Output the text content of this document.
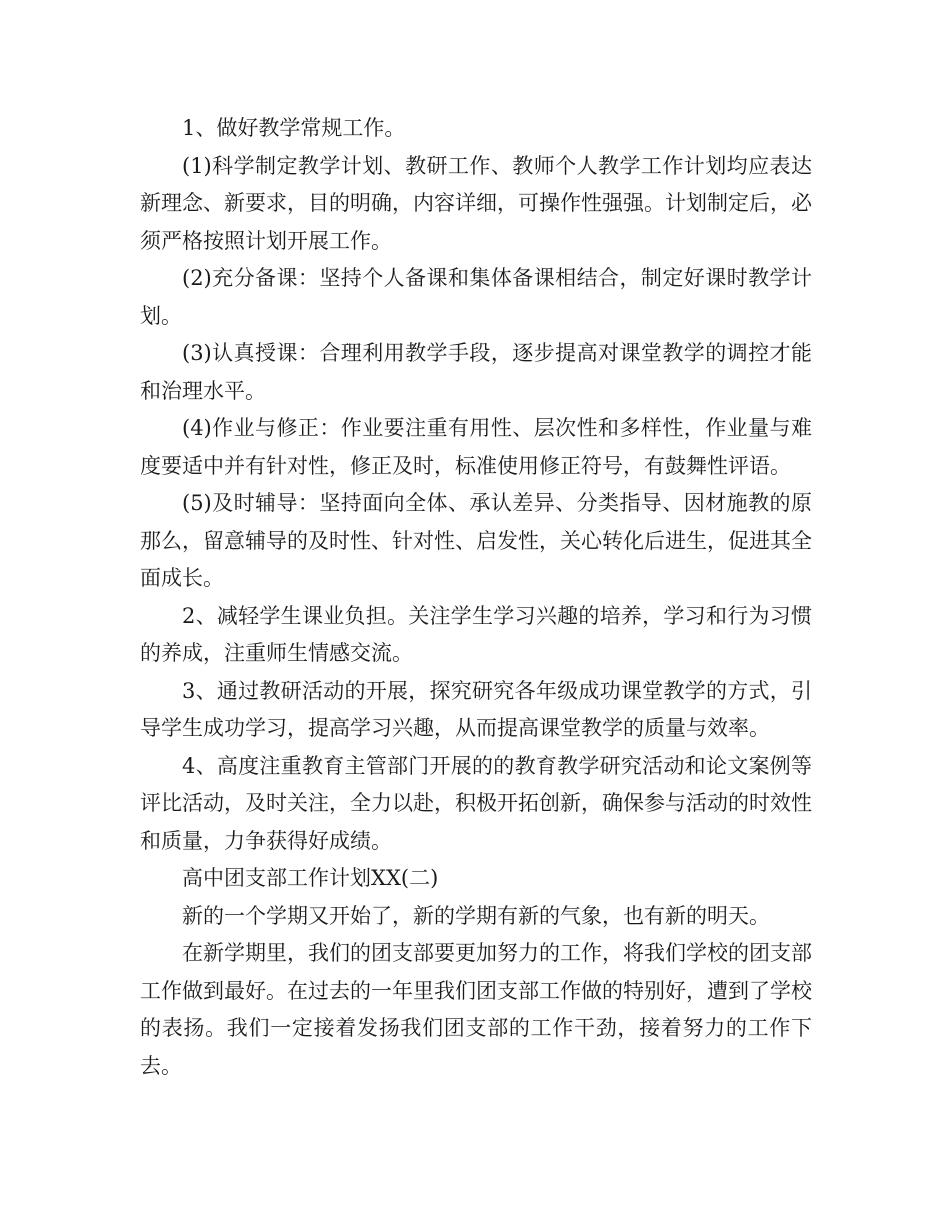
1、做好教学常规工作。

(1)科学制定教学计划、教研工作、教师个人教学工作计划均应表达新理念、新要求，目的明确，内容详细，可操作性强强。计划制定后，必须严格按照计划开展工作。

(2)充分备课：坚持个人备课和集体备课相结合，制定好课时教学计划。

(3)认真授课：合理利用教学手段，逐步提高对课堂教学的调控才能和治理水平。

(4)作业与修正：作业要注重有用性、层次性和多样性，作业量与难度要适中并有针对性，修正及时，标准使用修正符号，有鼓舞性评语。

(5)及时辅导：坚持面向全体、承认差异、分类指导、因材施教的原那么，留意辅导的及时性、针对性、启发性，关心转化后进生，促进其全面成长。

2、减轻学生课业负担。关注学生学习兴趣的培养，学习和行为习惯的养成，注重师生情感交流。

3、通过教研活动的开展，探究研究各年级成功课堂教学的方式，引导学生成功学习，提高学习兴趣，从而提高课堂教学的质量与效率。

4、高度注重教育主管部门开展的的教育教学研究活动和论文案例等评比活动，及时关注，全力以赴，积极开拓创新，确保参与活动的时效性和质量，力争获得好成绩。

高中团支部工作计划XX(二)

新的一个学期又开始了，新的学期有新的气象，也有新的明天。

在新学期里，我们的团支部要更加努力的工作，将我们学校的团支部工作做到最好。在过去的一年里我们团支部工作做的特别好，遭到了学校的表扬。我们一定接着发扬我们团支部的工作干劲，接着努力的工作下去。
